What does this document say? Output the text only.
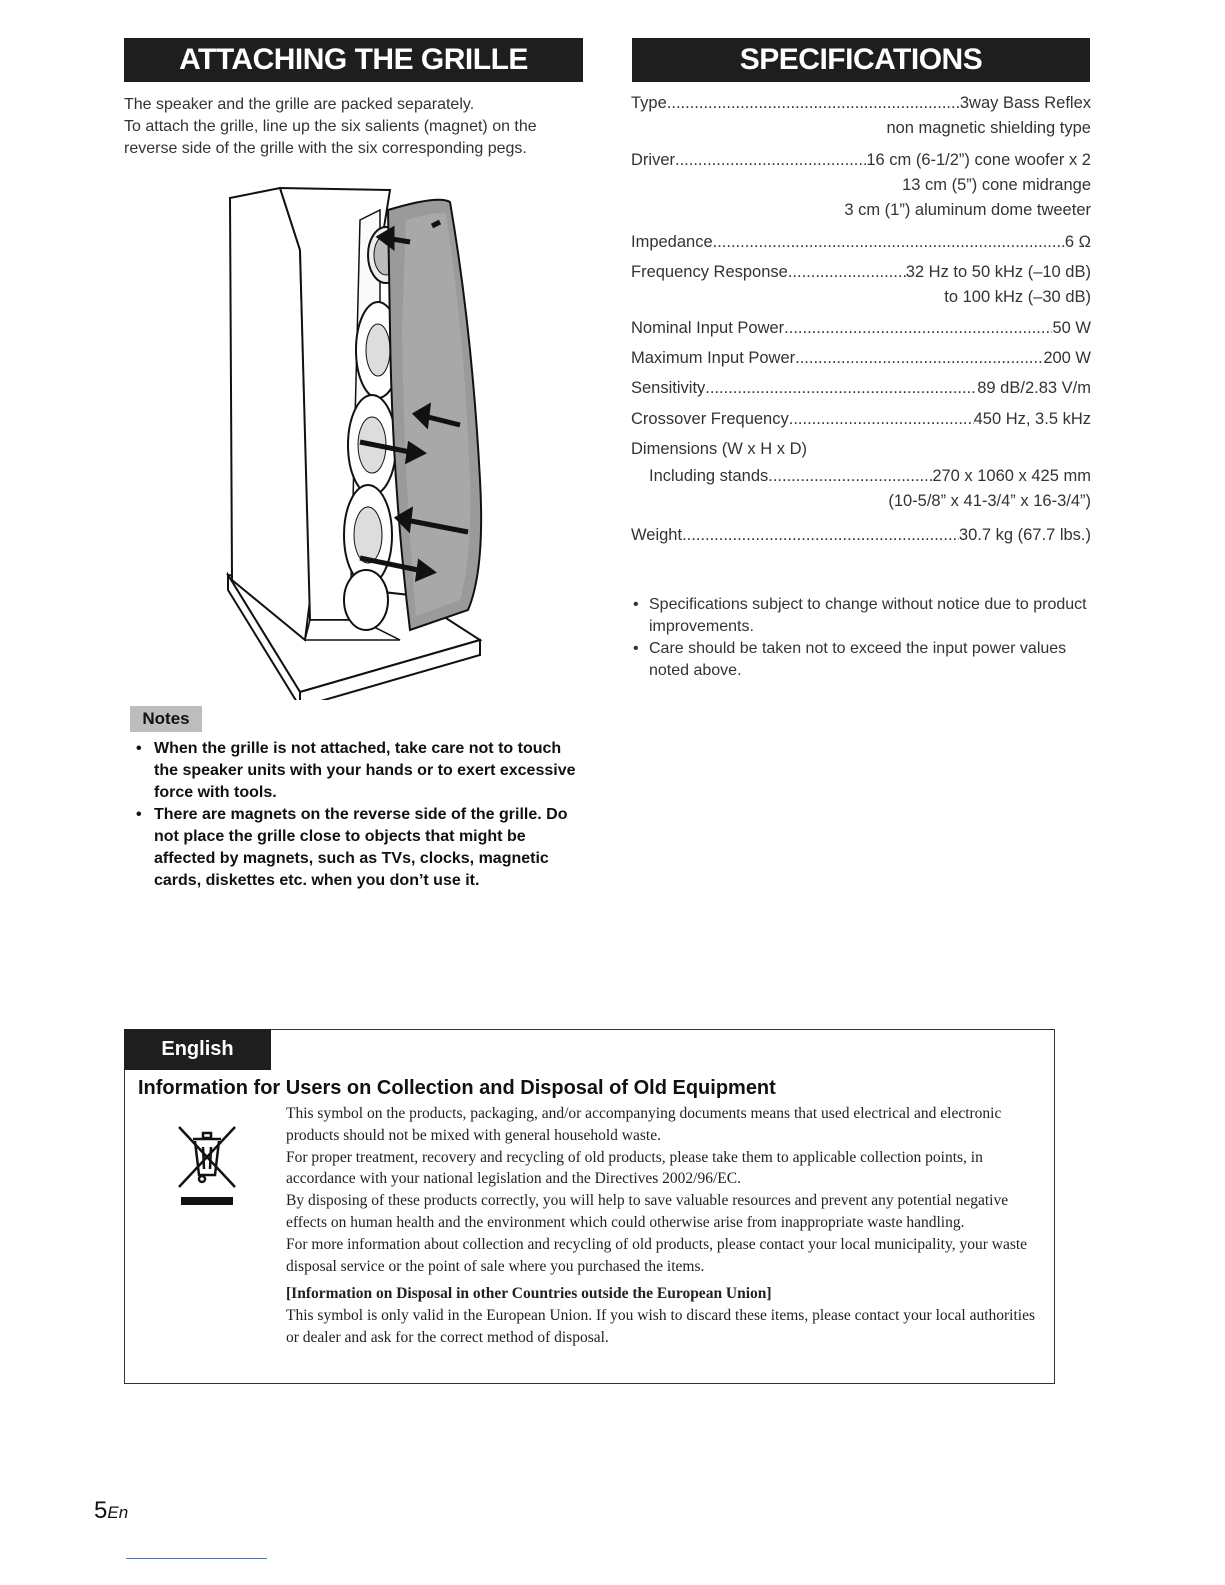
ATTACHING THE GRILLE

The speaker and the grille are packed separately.

To attach the grille, line up the six salients (magnet) on the reverse side of the grille with the six corresponding pegs.

Notes
• When the grille is not attached, take care not to touch the speaker units with your hands or to exert excessive force with tools.
• There are magnets on the reverse side of the grille. Do not place the grille close to objects that might be affected by magnets, such as TVs, clocks, magnetic cards, diskettes etc. when you don’t use it.
SPECIFICATIONS
Type .....	3way Bass Reflex
non magnetic shielding type
Driver .....	16 cm (6-1/2”) cone woofer x 2
13 cm (5”) cone midrange
3 cm (1”) aluminum dome tweeter
Impedance .....	6 Ω
Frequency Response .....	32 Hz to 50 kHz (–10 dB)
to 100 kHz (–30 dB)
Nominal Input Power .....	50 W
Maximum Input Power .....	200 W
Sensitivity .....	89 dB/2.83 V/m
Crossover Frequency .....	450 Hz, 3.5 kHz
Dimensions (W x H x D)
Including stands .....	270 x 1060 x 425 mm
(10-5/8” x 41-3/4” x 16-3/4”)
Weight .....	30.7 kg (67.7 lbs.)
• Specifications subject to change without notice due to product improvements.
• Care should be taken not to exceed the input power values noted above.
English
Information for Users on Collection and Disposal of Old Equipment

This symbol on the products, packaging, and/or accompanying documents means that used electrical and electronic products should not be mixed with general household waste.

For proper treatment, recovery and recycling of old products, please take them to applicable collection points, in accordance with your national legislation and the Directives 2002/96/EC.

By disposing of these products correctly, you will help to save valuable resources and prevent any potential negative effects on human health and the environment which could otherwise arise from inappropriate waste handling.

For more information about collection and recycling of old products, please contact your local municipality, your waste disposal service or the point of sale where you purchased the items.

[Information on Disposal in other Countries outside the European Union]

This symbol is only valid in the European Union. If you wish to discard these items, please contact your local authorities or dealer and ask for the correct method of disposal.

5En
